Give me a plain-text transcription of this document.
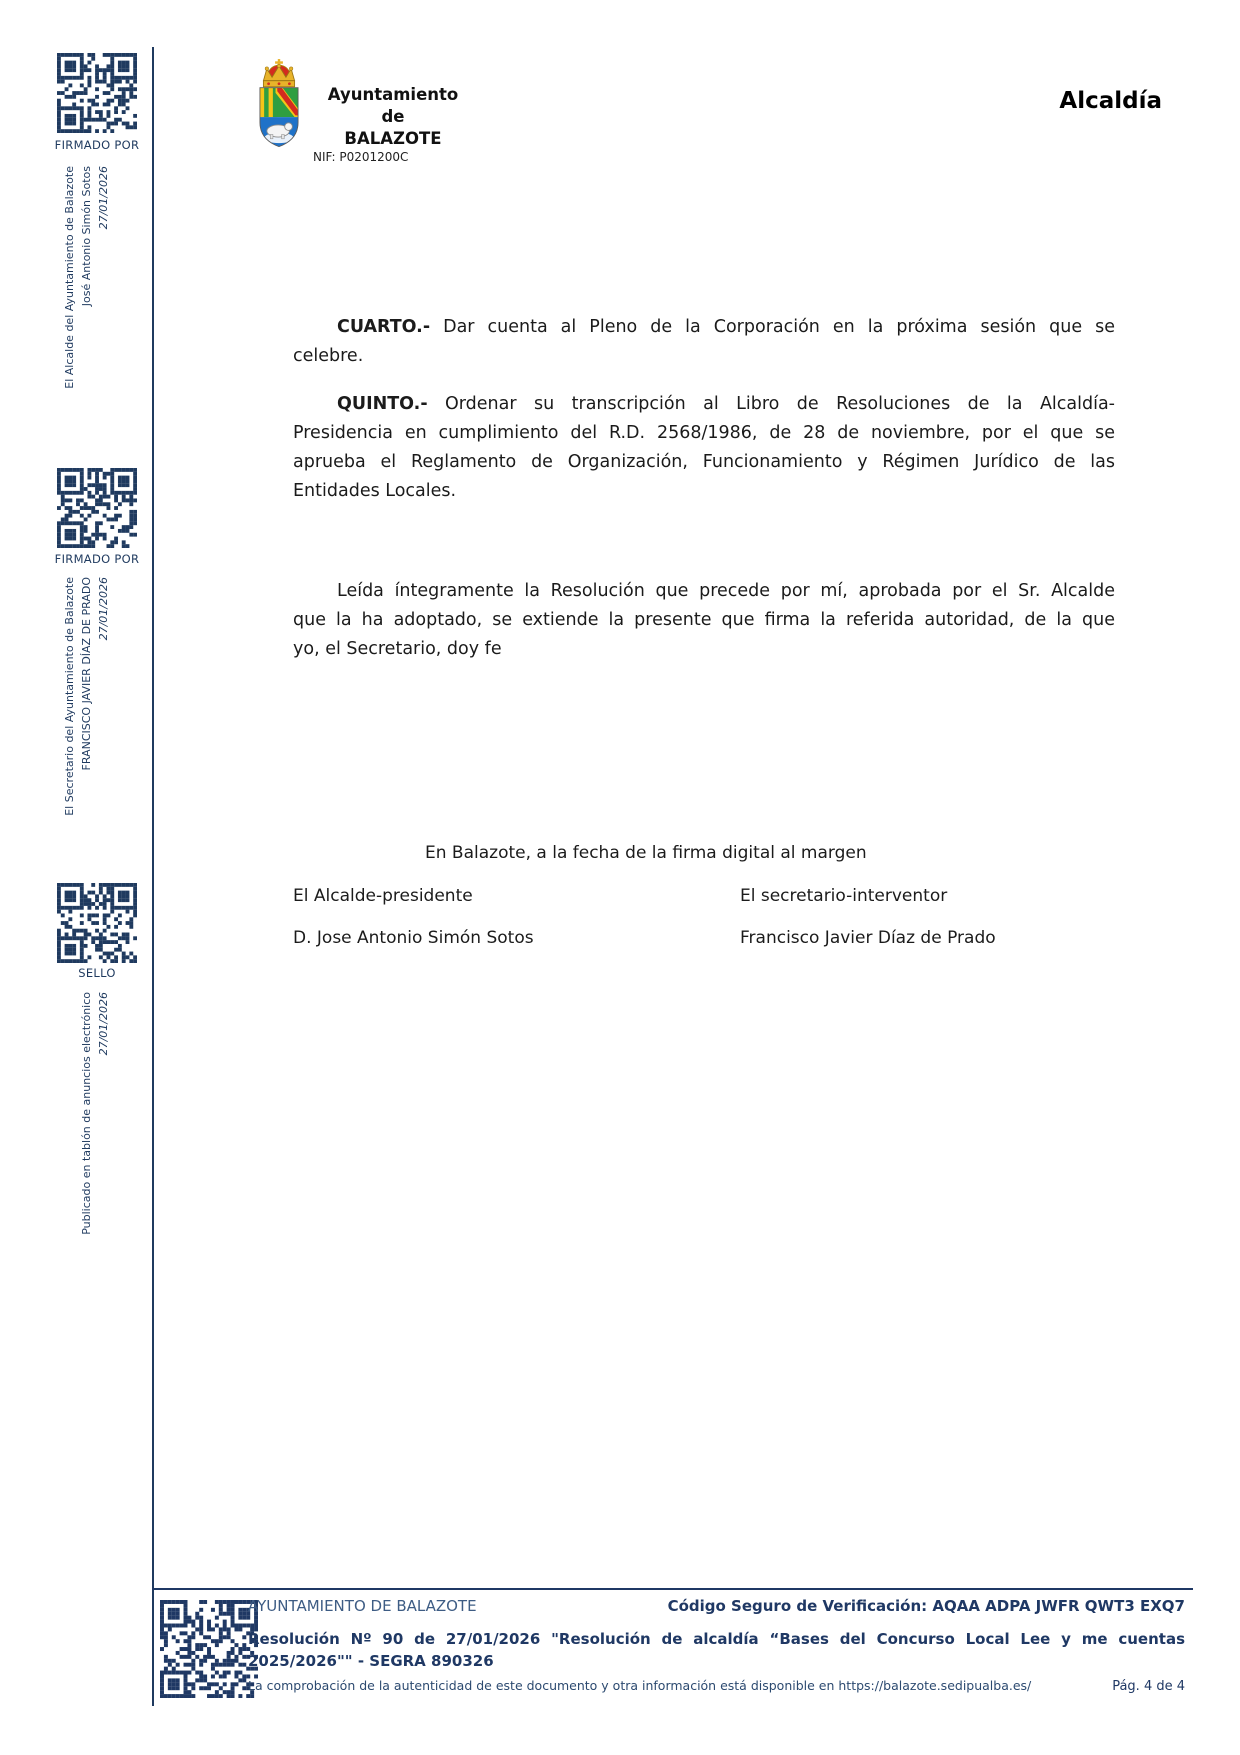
FIRMADO POR
El Alcalde del Ayuntamiento de Balazote José Antonio Simón Sotos 27/01/2026
FIRMADO POR
El Secretario del Ayuntamiento de Balazote FRANCISCO JAVIER DÍAZ DE PRADO 27/01/2026
SELLO
Publicado en tablón de anuncios electrónico 27/01/2026
Ayuntamiento de
BALAZOTE
NIF: P0201200C
Alcaldía
En Balazote, a la fecha de la firma digital al margen
El Alcalde-presidente	El secretario-interventor
D. Jose Antonio Simón Sotos	Francisco Javier Díaz de Prado
CUARTO.- Dar cuenta al Pleno de la Corporación en la próxima sesión que se
celebre.
QUINTO.- Ordenar su transcripción al Libro de Resoluciones de la Alcaldía-
Presidencia en cumplimiento del R.D. 2568/1986, de 28 de noviembre, por el que se
aprueba el Reglamento de Organización, Funcionamiento y Régimen Jurídico de las
Entidades Locales.
Leída íntegramente la Resolución que precede por mí, aprobada por el Sr. Alcalde
que la ha adoptado, se extiende la presente que firma la referida autoridad, de la que
yo, el Secretario, doy fe
AYUNTAMIENTO DE BALAZOTE	Código Seguro de Verificación: AQAA ADPA JWFR QWT3 EXQ7
Resolución Nº 90 de 27/01/2026 "Resolución de alcaldía “Bases del Concurso Local Lee y me cuentas
2025/2026"" - SEGRA 890326
La comprobación de la autenticidad de este documento y otra información está disponible en https://balazote.sedipualba.es/	Pág. 4 de 4
